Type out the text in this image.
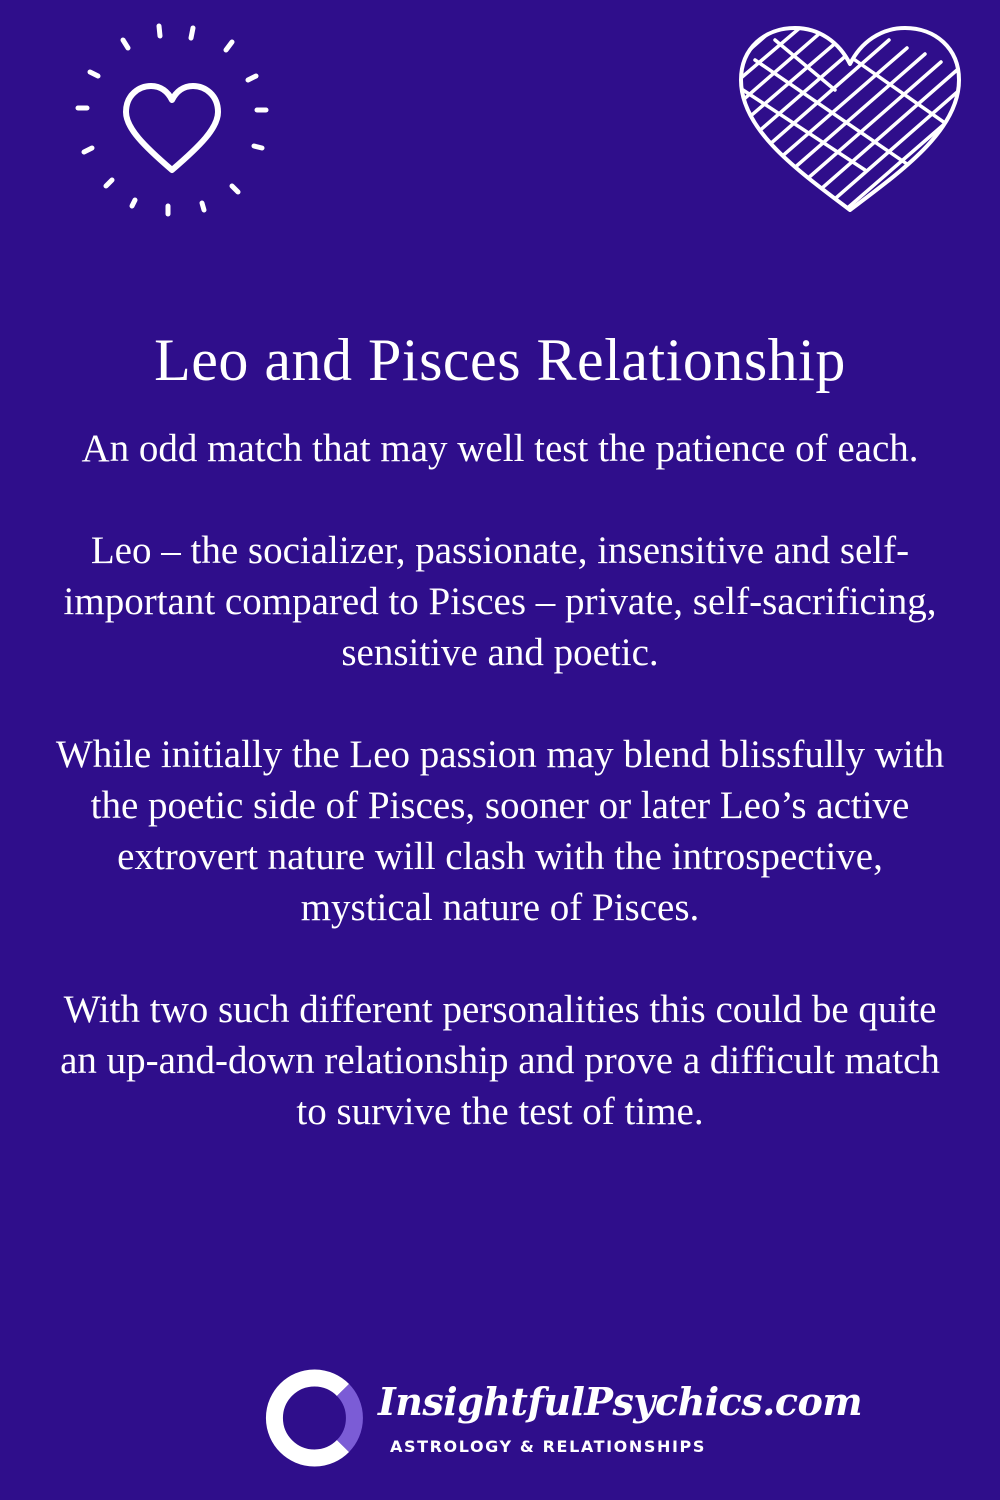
Leo and Pisces Relationship

An odd match that may well test the patience of each.

Leo – the socializer, passionate, insensitive and self-important compared to Pisces – private, self-sacrificing, sensitive and poetic.

While initially the Leo passion may blend blissfully with the poetic side of Pisces, sooner or later Leo’s active extrovert nature will clash with the introspective, mystical nature of Pisces.

With two such different personalities this could be quite an up-and-down relationship and prove a difficult match to survive the test of time.

InsightfulPsychics.com
ASTROLOGY & RELATIONSHIPS
